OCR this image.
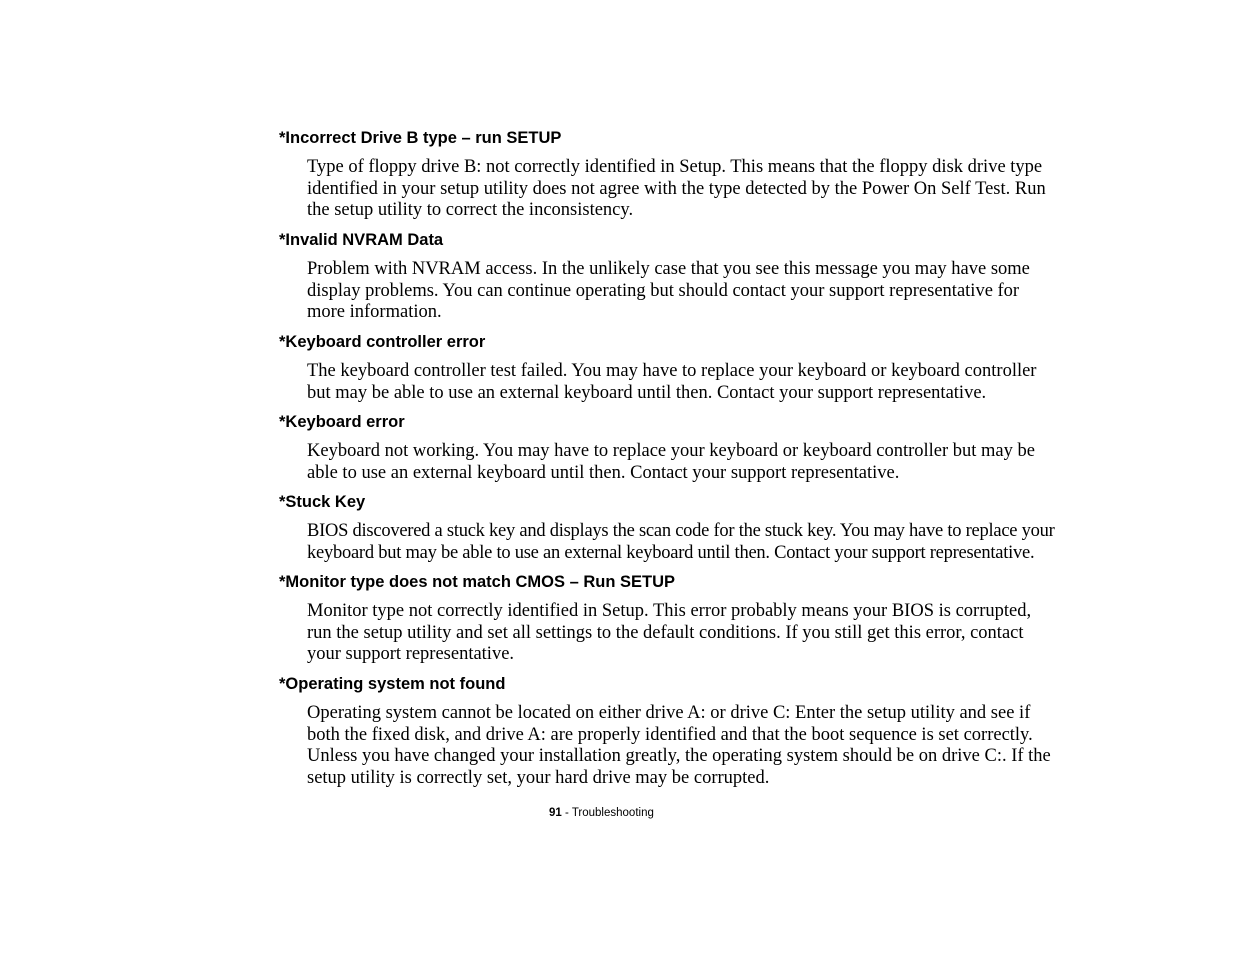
*Incorrect Drive B type – run SETUP

Type of floppy drive B: not correctly identified in Setup. This means that the floppy disk drive type identified in your setup utility does not agree with the type detected by the Power On Self Test. Run the setup utility to correct the inconsistency.

*Invalid NVRAM Data

Problem with NVRAM access. In the unlikely case that you see this message you may have some display problems. You can continue operating but should contact your support representative for more information.

*Keyboard controller error

The keyboard controller test failed. You may have to replace your keyboard or keyboard controller but may be able to use an external keyboard until then. Contact your support representative.

*Keyboard error

Keyboard not working. You may have to replace your keyboard or keyboard controller but may be able to use an external keyboard until then. Contact your support representative.

*Stuck Key

BIOS discovered a stuck key and displays the scan code for the stuck key. You may have to replace your keyboard but may be able to use an external keyboard until then. Contact your support representative.

*Monitor type does not match CMOS – Run SETUP

Monitor type not correctly identified in Setup. This error probably means your BIOS is corrupted, run the setup utility and set all settings to the default conditions. If you still get this error, contact your support representative.

*Operating system not found

Operating system cannot be located on either drive A: or drive C: Enter the setup utility and see if both the fixed disk, and drive A: are properly identified and that the boot sequence is set correctly. Unless you have changed your installation greatly, the operating system should be on drive C:. If the setup utility is correctly set, your hard drive may be corrupted.

91 - Troubleshooting
